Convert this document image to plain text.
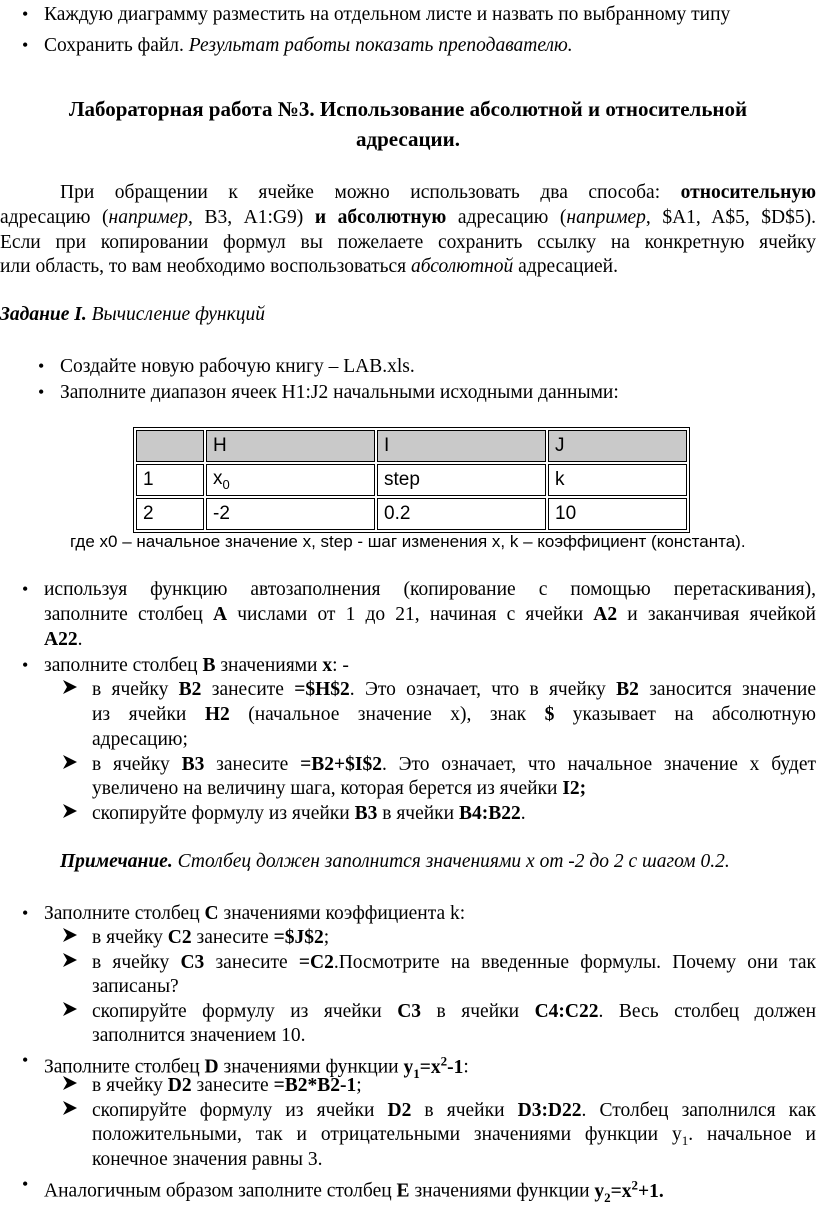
• Каждую диаграмму разместить на отдельном листе и назвать по выбранному типу
• Сохранить файл. Результат работы показать преподавателю.
Лабораторная работа №3. Использование абсолютной и относительной
адресации.
При обращении к ячейке можно использовать два способа: относительную
адресацию (например, В3, А1:G9) и абсолютную адресацию (например, $A1, A$5, $D$5).
Если при копировании формул вы пожелаете сохранить ссылку на конкретную ячейку
или область, то вам необходимо воспользоваться абсолютной адресацией.
Задание I. Вычисление функций
• Создайте новую рабочую книгу – LAB.xls.
• Заполните диапазон ячеек H1:J2 начальными исходными данными:
	H	I	J
1	$x_0$	step	k
2	-2	0.2	10
где x0 – начальное значение x, step - шаг изменения x, k – коэффициент (константа).
• используя функцию автозаполнения (копирование с помощью перетаскивания),
заполните столбец А числами от 1 до 21, начиная с ячейки А2 и заканчивая ячейкой
А22.
• заполните столбец В значениями x: -
в ячейку В2 занесите =$H$2. Это означает, что в ячейку В2 заносится значение
из ячейки Н2 (начальное значение х), знак $ указывает на абсолютную
адресацию;
в ячейку В3 занесите =В2+$I$2. Это означает, что начальное значение х будет
увеличено на величину шага, которая берется из ячейки I2;
скопируйте формулу из ячейки В3 в ячейки В4:В22.
Примечание. Столбец должен заполнится значениями x от -2 до 2 с шагом 0.2.
• Заполните столбец С значениями коэффициента k:
в ячейку С2 занесите =$J$2;
в ячейку С3 занесите =С2.Посмотрите на введенные формулы. Почему они так
записаны?
скопируйте формулу из ячейки С3 в ячейки С4:С22. Весь столбец должен
заполнится значением 10.
• Заполните столбец D значениями функции $y_1=x^2-1$:
в ячейку D2 занесите =В2*В2-1;
скопируйте формулу из ячейки D2 в ячейки D3:D22. Столбец заполнился как
положительными, так и отрицательными значениями функции $y_1$. начальное и
конечное значения равны 3.
• Аналогичным образом заполните столбец Е значениями функции $y_2=x^2+1$.
